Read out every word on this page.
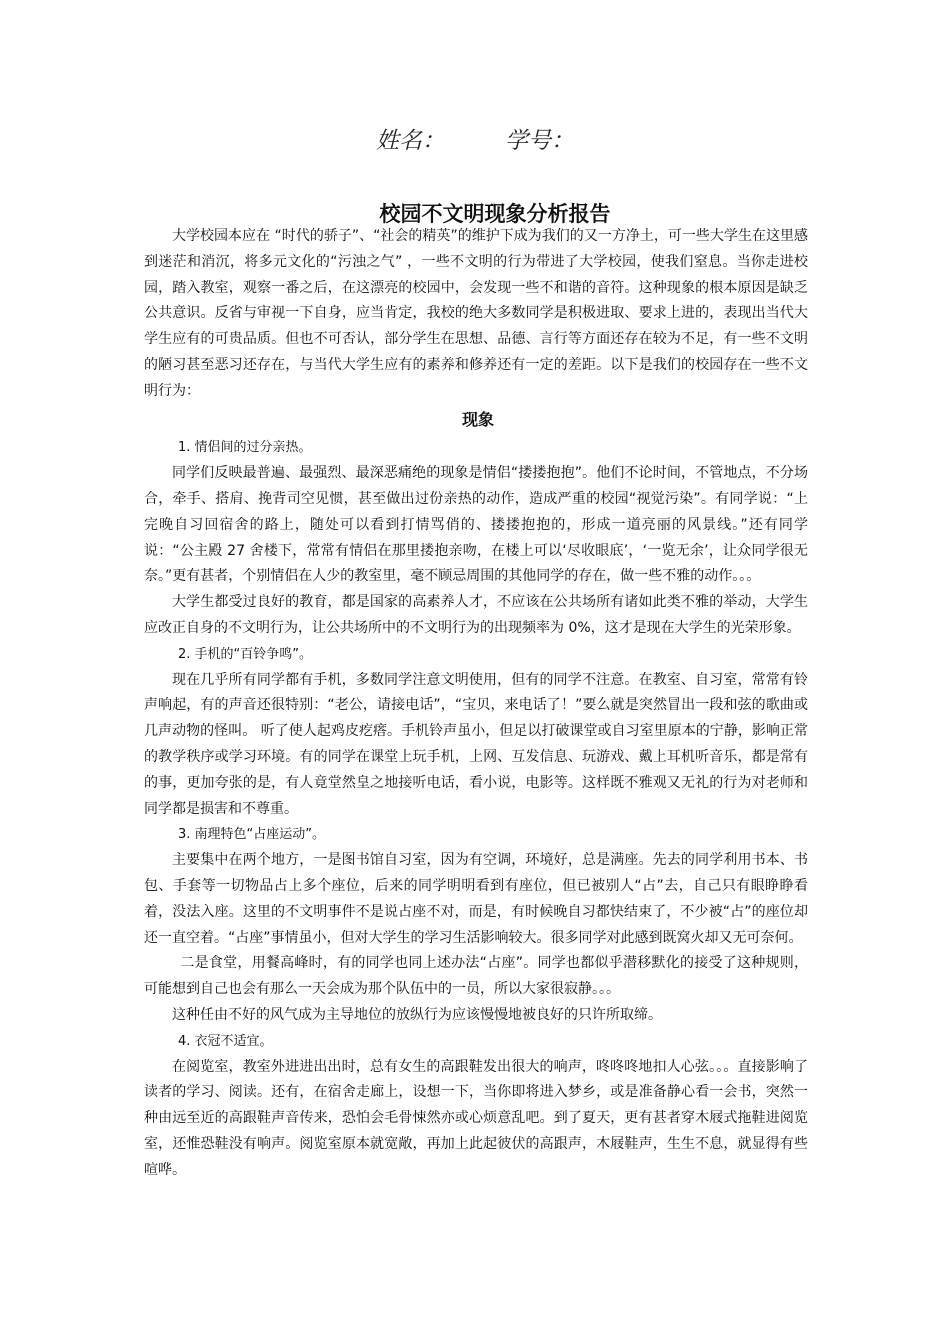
姓名：	学号：
校园不文明现象分析报告

大学校园本应在 “时代的骄子”、“社会的精英”的维护下成为我们的又一方净土，可一些大学生在这里感到迷茫和消沉，将多元文化的“污浊之气” ，一些不文明的行为带进了大学校园，使我们窒息。当你走进校园，踏入教室，观察一番之后，在这漂亮的校园中，会发现一些不和谐的音符。这种现象的根本原因是缺乏公共意识。反省与审视一下自身，应当肯定，我校的绝大多数同学是积极进取、要求上进的，表现出当代大学生应有的可贵品质。但也不可否认，部分学生在思想、品德、言行等方面还存在较为不足，有一些不文明的陋习甚至恶习还存在，与当代大学生应有的素养和修养还有一定的差距。以下是我们的校园存在一些不文明行为：

现象

1. 情侣间的过分亲热。

同学们反映最普遍、最强烈、最深恶痛绝的现象是情侣“搂搂抱抱”。他们不论时间，不管地点，不分场合，牵手、搭肩、挽背司空见惯，甚至做出过份亲热的动作，造成严重的校园“视觉污染”。有同学说：“上完晚自习回宿舍的路上，随处可以看到打情骂俏的、搂搂抱抱的，形成一道亮丽的风景线。”还有同学说：“公主殿 27 舍楼下，常常有情侣在那里搂抱亲吻，在楼上可以‘尽收眼底’，‘一览无余’，让众同学很无奈。”更有甚者，个别情侣在人少的教室里，毫不顾忌周围的其他同学的存在，做一些不雅的动作。。。

大学生都受过良好的教育，都是国家的高素养人才，不应该在公共场所有诸如此类不雅的举动，大学生应改正自身的不文明行为，让公共场所中的不文明行为的出现频率为 0%，这才是现在大学生的光荣形象。

2. 手机的“百铃争鸣”。

现在几乎所有同学都有手机，多数同学注意文明使用，但有的同学不注意。在教室、自习室，常常有铃声响起，有的声音还很特别：“老公，请接电话”，“宝贝，来电话了！”要么就是突然冒出一段和弦的歌曲或几声动物的怪叫。 听了使人起鸡皮疙瘩。手机铃声虽小，但足以打破课堂或自习室里原本的宁静，影响正常的教学秩序或学习环境。有的同学在课堂上玩手机，上网、互发信息、玩游戏、戴上耳机听音乐，都是常有的事，更加夸张的是，有人竟堂然皇之地接听电话，看小说，电影等。这样既不雅观又无礼的行为对老师和同学都是损害和不尊重。

3. 南理特色“占座运动”。

主要集中在两个地方，一是图书馆自习室，因为有空调，环境好，总是满座。先去的同学利用书本、书包、手套等一切物品占上多个座位，后来的同学明明看到有座位，但已被别人“占”去，自己只有眼睁睁看着，没法入座。这里的不文明事件不是说占座不对，而是，有时候晚自习都快结束了，不少被“占”的座位却还一直空着。“占座”事情虽小，但对大学生的学习生活影响较大。很多同学对此感到既窝火却又无可奈何。

二是食堂，用餐高峰时，有的同学也同上述办法“占座”。同学也都似乎潜移默化的接受了这种规则，可能想到自己也会有那么一天会成为那个队伍中的一员，所以大家很寂静。。。

这种任由不好的风气成为主导地位的放纵行为应该慢慢地被良好的只许所取缔。

4. 衣冠不适宜。

在阅览室，教室外进进出出时，总有女生的高跟鞋发出很大的响声，咚咚咚地扣人心弦。。。直接影响了读者的学习、阅读。还有，在宿舍走廊上，设想一下，当你即将进入梦乡，或是准备静心看一会书，突然一种由远至近的高跟鞋声音传来，恐怕会毛骨悚然亦或心烦意乱吧。到了夏天，更有甚者穿木屐式拖鞋进阅览室，还惟恐鞋没有响声。阅览室原本就宽敞，再加上此起彼伏的高跟声，木屐鞋声，生生不息，就显得有些喧哗。
